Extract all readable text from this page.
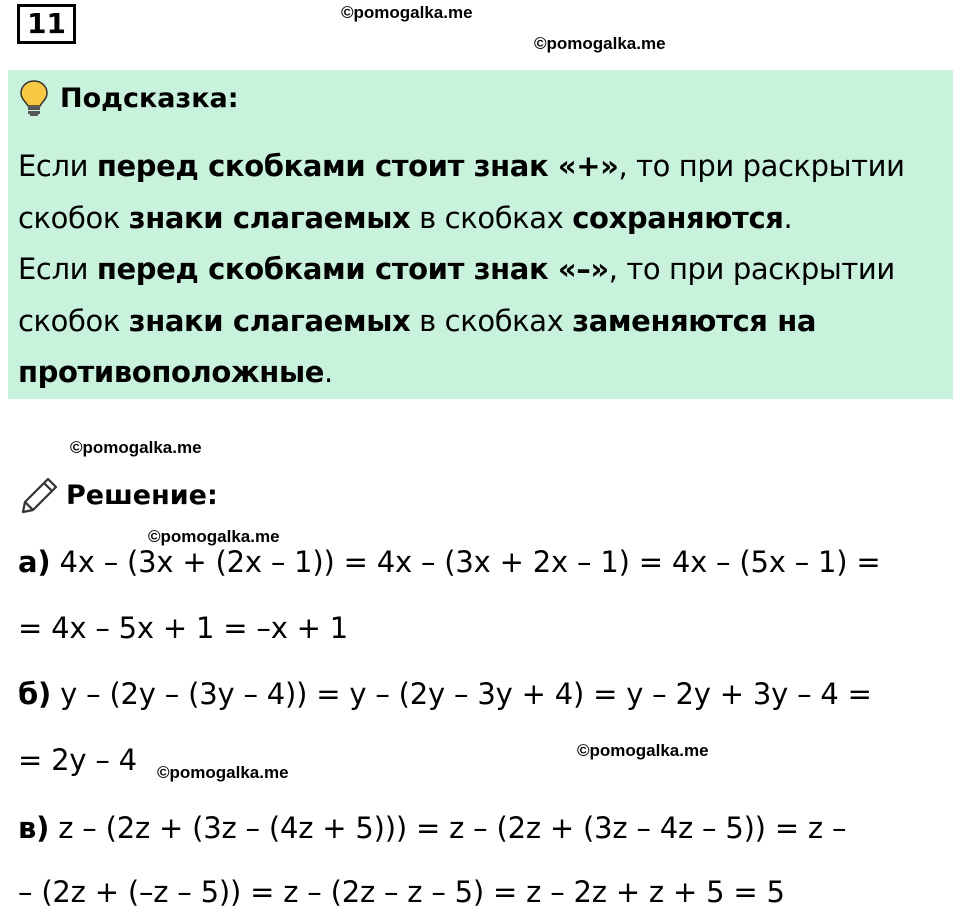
11	©pomogalka.me
©pomogalka.me
Подсказка:
Если перед скобками стоит знак «+», то при раскрытии скобок знаки слагаемых в скобках сохраняются.
Если перед скобками стоит знак «–», то при раскрытии скобок знаки слагаемых в скобках заменяются на противоположные.
©pomogalka.me
Решение:
©pomogalka.me
а) 4x – (3x + (2x – 1)) = 4x – (3x + 2x – 1) = 4x – (5x – 1) =
= 4x – 5x + 1 = –x + 1
б) y – (2y – (3y – 4)) = y – (2y – 3y + 4) = y – 2y + 3y – 4 =
= 2y – 4	©pomogalka.me
©pomogalka.me
в) z – (2z + (3z – (4z + 5))) = z – (2z + (3z – 4z – 5)) = z –
– (2z + (–z – 5)) = z – (2z – z – 5) = z – 2z + z + 5 = 5
